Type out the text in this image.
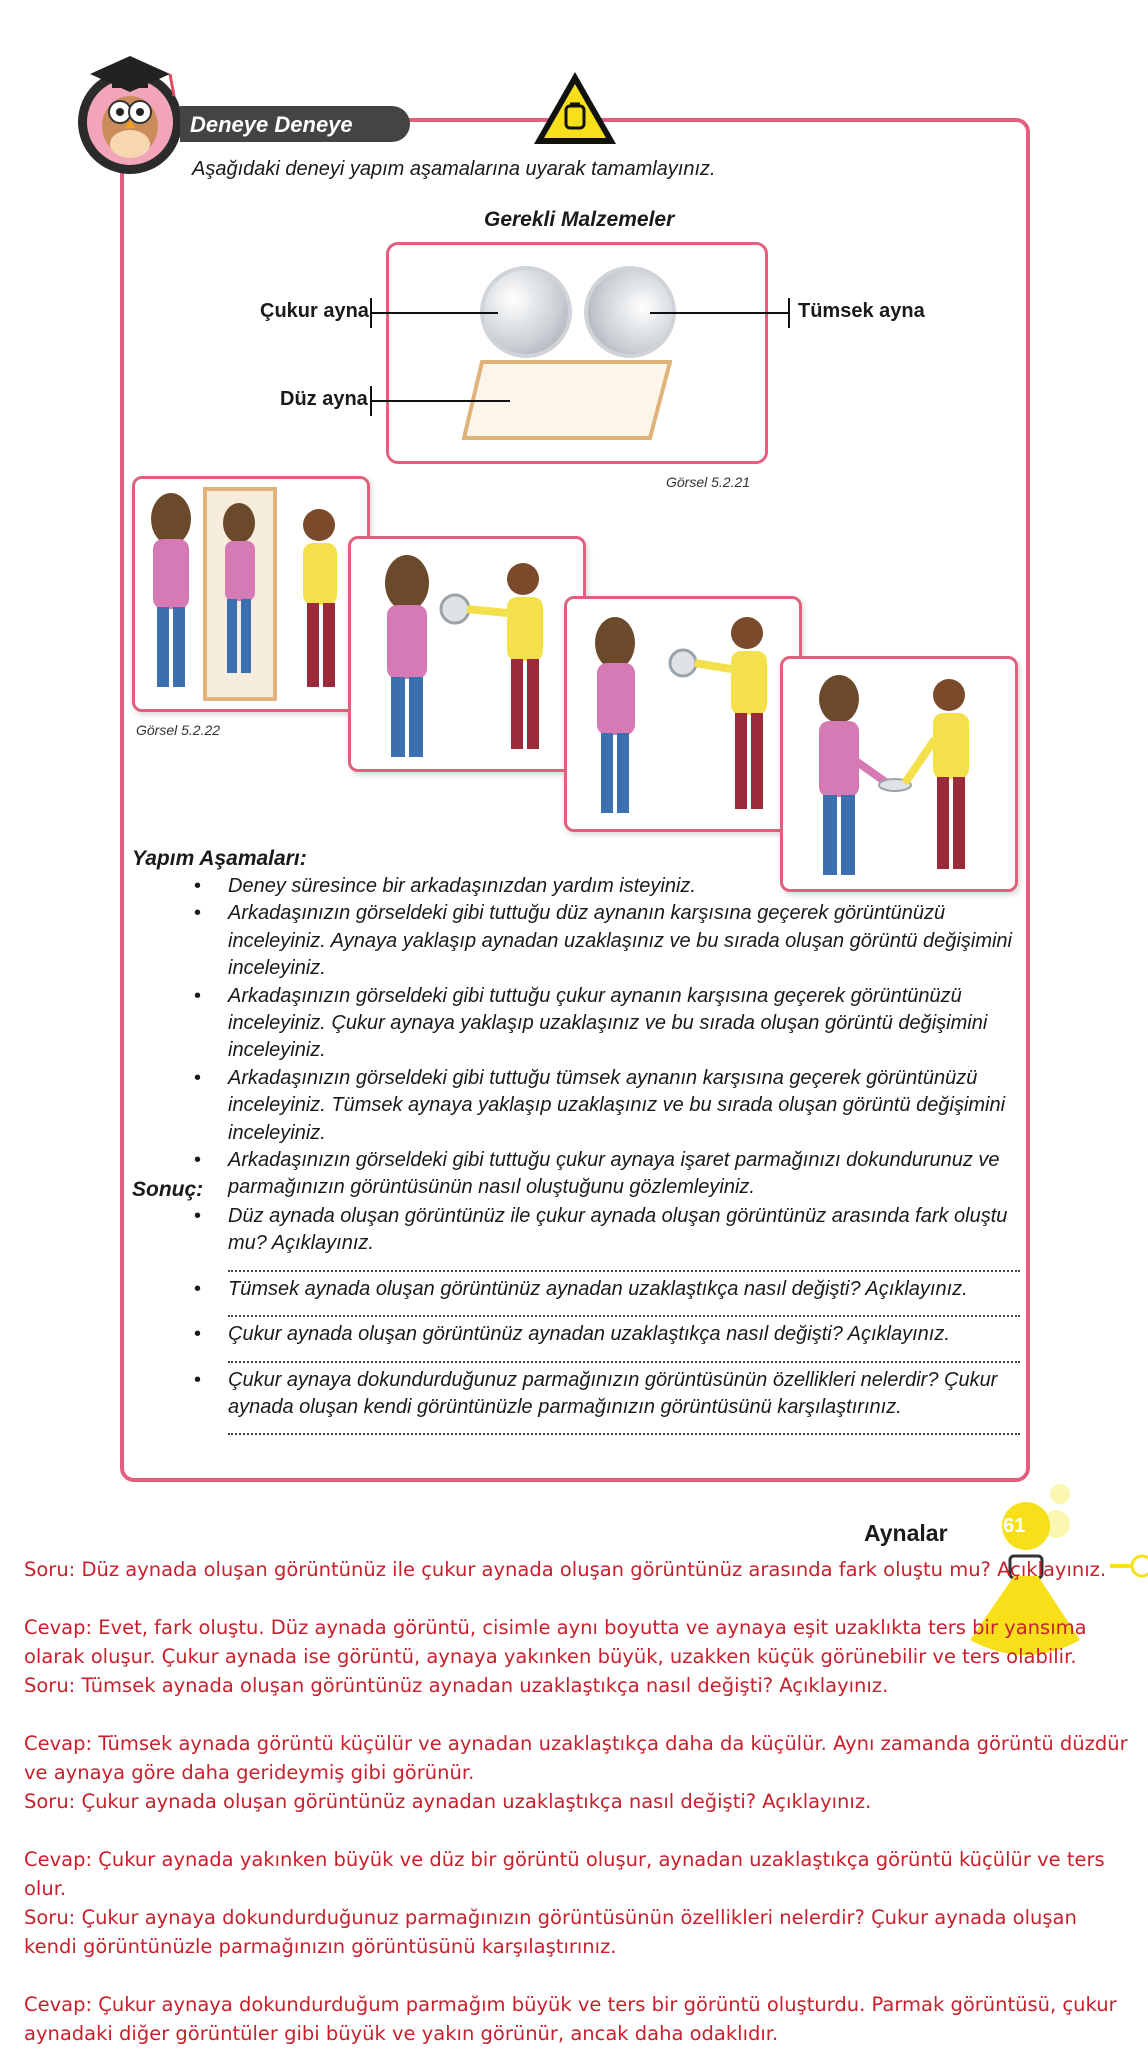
Deneye Deneye
Aşağıdaki deneyi yapım aşamalarına uyarak tamamlayınız.
Gerekli Malzemeler
Çukur ayna	Tümsek ayna
Düz ayna
Görsel 5.2.21
Görsel 5.2.22
Yapım Aşamaları:

• Deney süresince bir arkadaşınızdan yardım isteyiniz.

• Arkadaşınızın görseldeki gibi tuttuğu düz aynanın karşısına geçerek görüntünüzü inceleyiniz. Aynaya yaklaşıp aynadan uzaklaşınız ve bu sırada oluşan görüntü değişimini inceleyiniz.

• Arkadaşınızın görseldeki gibi tuttuğu çukur aynanın karşısına geçerek görüntünüzü inceleyiniz. Çukur aynaya yaklaşıp uzaklaşınız ve bu sırada oluşan görüntü değişimini inceleyiniz.

• Arkadaşınızın görseldeki gibi tuttuğu tümsek aynanın karşısına geçerek görüntünüzü inceleyiniz. Tümsek aynaya yaklaşıp uzaklaşınız ve bu sırada oluşan görüntü değişimini inceleyiniz.

• Arkadaşınızın görseldeki gibi tuttuğu çukur aynaya işaret parmağınızı dokundurunuz ve parmağınızın görüntüsünün nasıl oluştuğunu gözlemleyiniz.

Sonuç:

• Düz aynada oluşan görüntünüz ile çukur aynada oluşan görüntünüz arasında fark oluştu mu? Açıklayınız.

• Tümsek aynada oluşan görüntünüz aynadan uzaklaştıkça nasıl değişti? Açıklayınız.

• Çukur aynada oluşan görüntünüz aynadan uzaklaştıkça nasıl değişti? Açıklayınız.

• Çukur aynaya dokundurduğunuz parmağınızın görüntüsünün özellikleri nelerdir? Çukur aynada oluşan kendi görüntünüzle parmağınızın görüntüsünü karşılaştırınız.

Aynalar 161

Soru: Düz aynada oluşan görüntünüz ile çukur aynada oluşan görüntünüz arasında fark oluştu mu? Açıklayınız.

Cevap: Evet, fark oluştu. Düz aynada görüntü, cisimle aynı boyutta ve aynaya eşit uzaklıkta ters bir yansıma olarak oluşur. Çukur aynada ise görüntü, aynaya yakınken büyük, uzakken küçük görünebilir ve ters olabilir.

Soru: Tümsek aynada oluşan görüntünüz aynadan uzaklaştıkça nasıl değişti? Açıklayınız.

Cevap: Tümsek aynada görüntü küçülür ve aynadan uzaklaştıkça daha da küçülür. Aynı zamanda görüntü düzdür ve aynaya göre daha gerideymiş gibi görünür.

Soru: Çukur aynada oluşan görüntünüz aynadan uzaklaştıkça nasıl değişti? Açıklayınız.

Cevap: Çukur aynada yakınken büyük ve düz bir görüntü oluşur, aynadan uzaklaştıkça görüntü küçülür ve ters olur.

Soru: Çukur aynaya dokundurduğunuz parmağınızın görüntüsünün özellikleri nelerdir? Çukur aynada oluşan kendi görüntünüzle parmağınızın görüntüsünü karşılaştırınız.

Cevap: Çukur aynaya dokundurduğum parmağım büyük ve ters bir görüntü oluşturdu. Parmak görüntüsü, çukur aynadaki diğer görüntüler gibi büyük ve yakın görünür, ancak daha odaklıdır.
